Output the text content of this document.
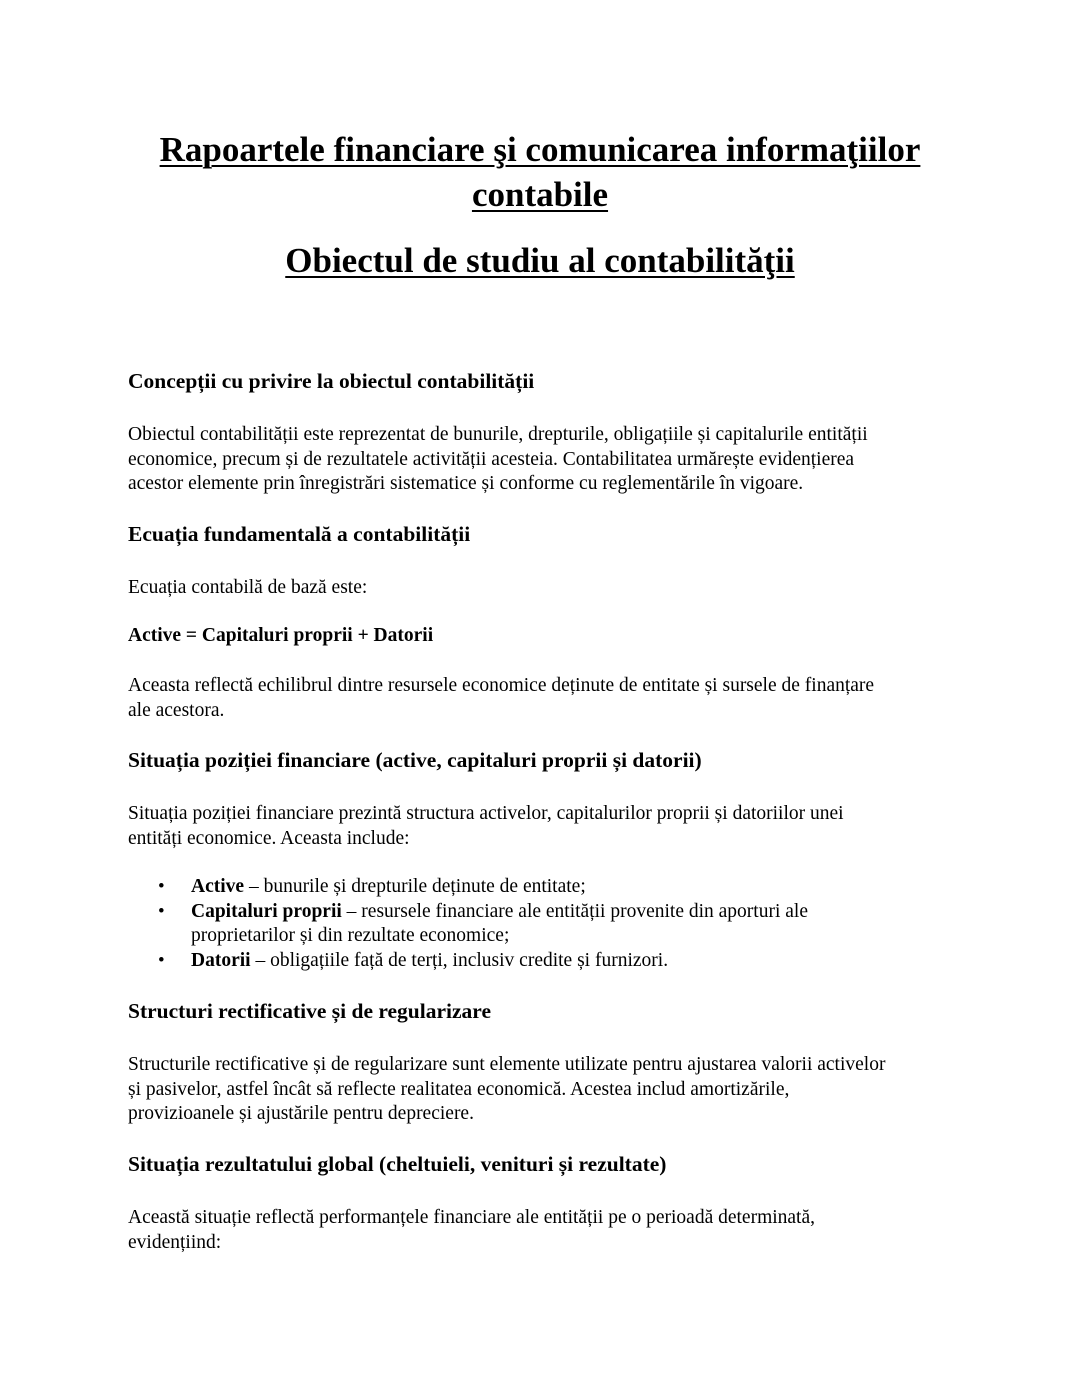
Rapoartele financiare şi comunicarea informaţiilor
contabile
Obiectul de studiu al contabilităţii
Concepții cu privire la obiectul contabilității
Obiectul contabilității este reprezentat de bunurile, drepturile, obligațiile și capitalurile entității
economice, precum și de rezultatele activității acesteia. Contabilitatea urmărește evidențierea
acestor elemente prin înregistrări sistematice și conforme cu reglementările în vigoare.
Ecuația fundamentală a contabilității
Ecuația contabilă de bază este:
Active = Capitaluri proprii + Datorii
Aceasta reflectă echilibrul dintre resursele economice deținute de entitate și sursele de finanțare
ale acestora.
Situația poziției financiare (active, capitaluri proprii și datorii)
Situația poziției financiare prezintă structura activelor, capitalurilor proprii și datoriilor unei
entități economice. Aceasta include:
• Active – bunurile și drepturile deținute de entitate;
• Capitaluri proprii – resursele financiare ale entității provenite din aporturi ale
proprietarilor și din rezultate economice;
• Datorii – obligațiile față de terți, inclusiv credite și furnizori.
Structuri rectificative și de regularizare
Structurile rectificative și de regularizare sunt elemente utilizate pentru ajustarea valorii activelor
și pasivelor, astfel încât să reflecte realitatea economică. Acestea includ amortizările,
provizioanele și ajustările pentru depreciere.
Situația rezultatului global (cheltuieli, venituri și rezultate)
Această situație reflectă performanțele financiare ale entității pe o perioadă determinată,
evidențiind:
